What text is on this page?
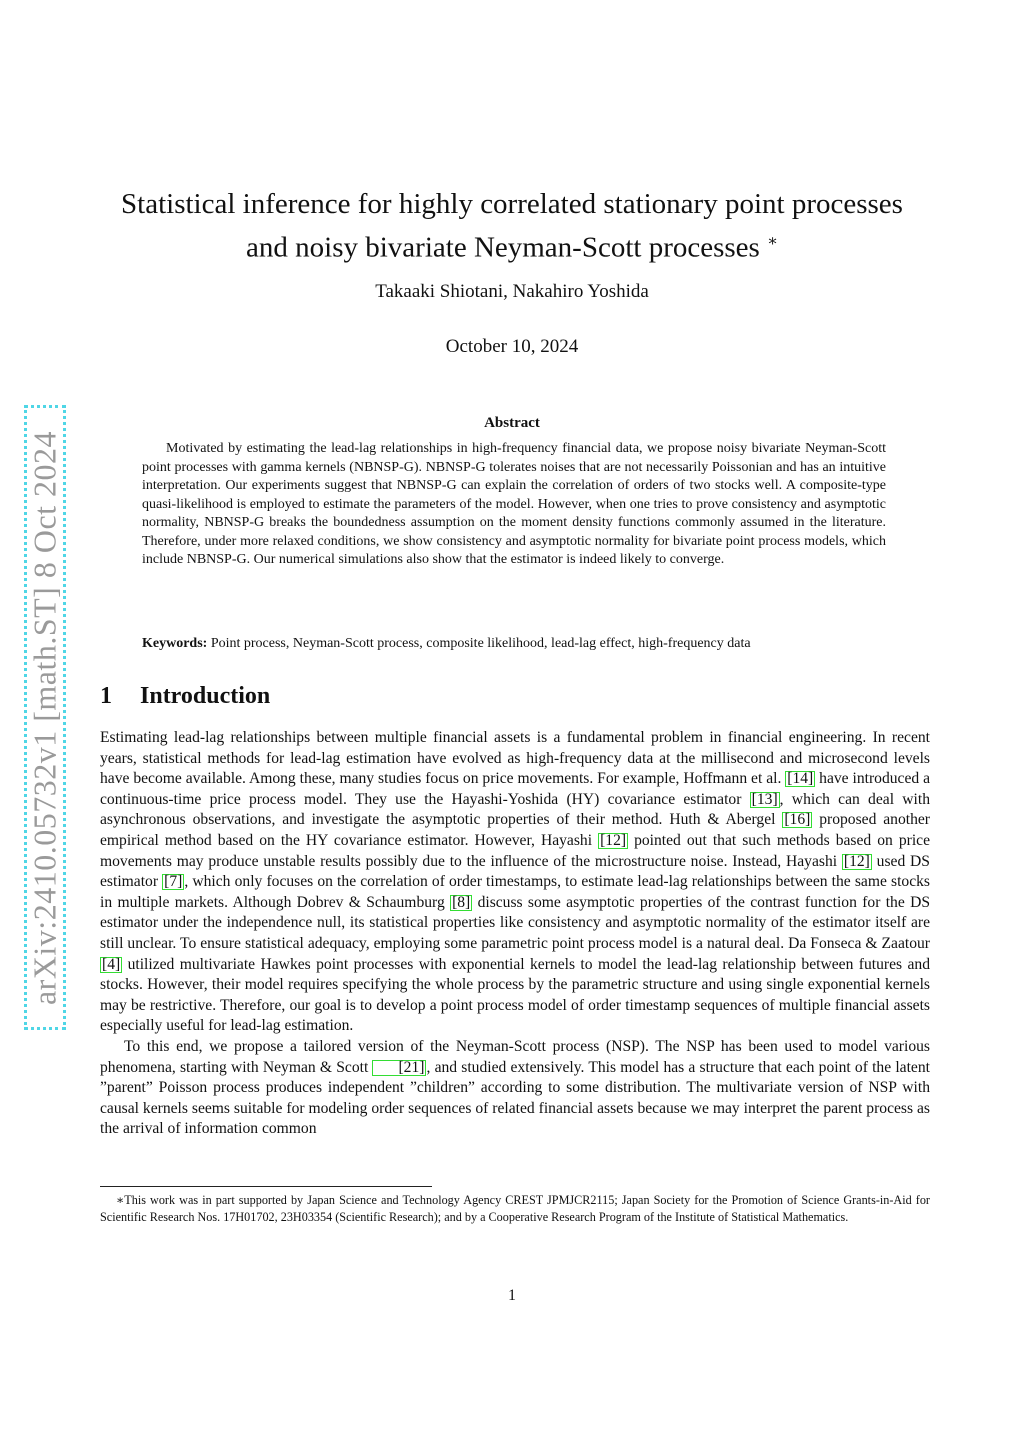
arXiv:2410.05732v1 [math.ST] 8 Oct 2024
Statistical inference for highly correlated stationary point processes
and noisy bivariate Neyman-Scott processes ∗
Takaaki Shiotani, Nakahiro Yoshida
October 10, 2024
Abstract
Motivated by estimating the lead-lag relationships in high-frequency financial data, we propose noisy bivariate Neyman-Scott point processes with gamma kernels (NBNSP-G). NBNSP-G tolerates noises that are not necessarily Poissonian and has an intuitive interpretation. Our experiments suggest that NBNSP-G can explain the correlation of orders of two stocks well. A composite-type quasi-likelihood is employed to estimate the parameters of the model. However, when one tries to prove consistency and asymptotic normality, NBNSP-G breaks the boundedness assumption on the moment density functions commonly assumed in the literature. Therefore, under more relaxed conditions, we show consistency and asymptotic normality for bivariate point process models, which include NBNSP-G. Our numerical simulations also show that the estimator is indeed likely to converge.
Keywords: Point process, Neyman-Scott process, composite likelihood, lead-lag effect, high-frequency data
1 Introduction

Estimating lead-lag relationships between multiple financial assets is a fundamental problem in financial engineering. In recent years, statistical methods for lead-lag estimation have evolved as high-frequency data at the millisecond and microsecond levels have become available. Among these, many studies focus on price movements. For example, Hoffmann et al. [14] have introduced a continuous-time price process model. They use the Hayashi-Yoshida (HY) covariance estimator [13] , which can deal with asynchronous observations, and investigate the asymptotic properties of their method. Huth & Abergel [16] proposed another empirical method based on the HY covariance estimator. However, Hayashi [12] pointed out that such methods based on price movements may produce unstable results possibly due to the influence of the microstructure noise. Instead, Hayashi [12] used DS estimator [7] , which only focuses on the correlation of order timestamps, to estimate lead-lag relationships between the same stocks in multiple markets. Although Dobrev & Schaumburg [8] discuss some asymptotic properties of the contrast function for the DS estimator under the independence null, its statistical properties like consistency and asymptotic normality of the estimator itself are still unclear. To ensure statistical adequacy, employing some parametric point process model is a natural deal. Da Fonseca & Zaatour [4] utilized multivariate Hawkes point processes with exponential kernels to model the lead-lag relationship between futures and stocks. However, their model requires specifying the whole process by the parametric structure and using single exponential kernels may be restrictive. Therefore, our goal is to develop a point process model of order timestamp sequences of multiple financial assets especially useful for lead-lag estimation.

To this end, we propose a tailored version of the Neyman-Scott process (NSP). The NSP has been used to model various phenomena, starting with Neyman & Scott [21] , and studied extensively. This model has a structure that each point of the latent ”parent” Poisson process produces independent ”children” according to some distribution. The multivariate version of NSP with causal kernels seems suitable for modeling order sequences of related financial assets because we may interpret the parent process as the arrival of information common

∗This work was in part supported by Japan Science and Technology Agency CREST JPMJCR2115; Japan Society for the Promotion of Science Grants-in-Aid for Scientific Research Nos. 17H01702, 23H03354 (Scientific Research); and by a Cooperative Research Program of the Institute of Statistical Mathematics.
1
